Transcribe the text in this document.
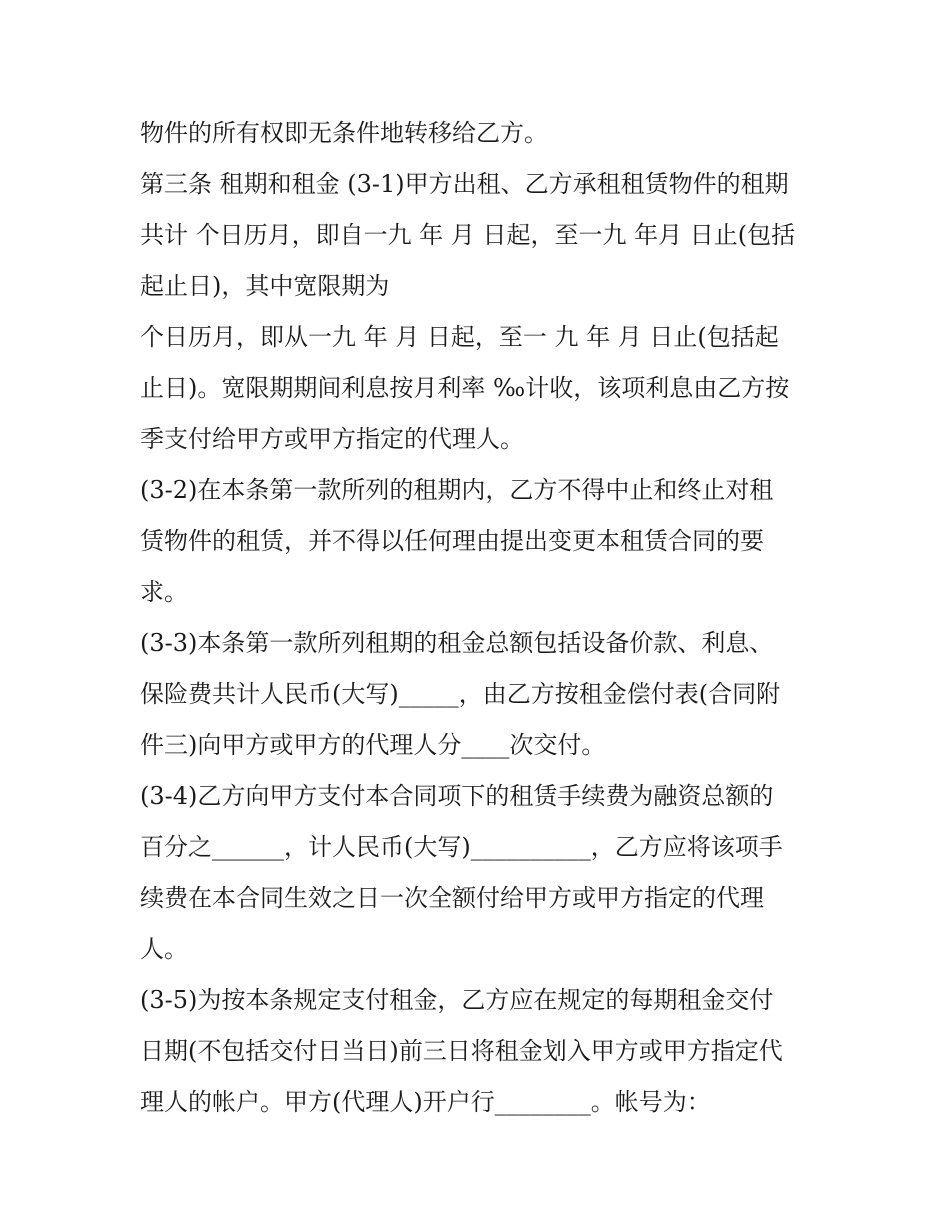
物件的所有权即无条件地转移给乙方。
第三条 租期和租金 (3-1)甲方出租、乙方承租租赁物件的租期
共计 个日历月，即自一九 年 月 日起，至一九 年月 日止(包括
起止日)，其中宽限期为
个日历月，即从一九 年 月 日起，至一 九 年 月 日止(包括起
止日)。宽限期期间利息按月利率 ‰计收，该项利息由乙方按
季支付给甲方或甲方指定的代理人。
(3-2)在本条第一款所列的租期内，乙方不得中止和终止对租
赁物件的租赁，并不得以任何理由提出变更本租赁合同的要
求。
(3-3)本条第一款所列租期的租金总额包括设备价款、利息、
保险费共计人民币(大写)_____，由乙方按租金偿付表(合同附
件三)向甲方或甲方的代理人分____次交付。
(3-4)乙方向甲方支付本合同项下的租赁手续费为融资总额的
百分之______，计人民币(大写)__________，乙方应将该项手
续费在本合同生效之日一次全额付给甲方或甲方指定的代理
人。
(3-5)为按本条规定支付租金，乙方应在规定的每期租金交付
日期(不包括交付日当日)前三日将租金划入甲方或甲方指定代
理人的帐户。甲方(代理人)开户行________。帐号为：
